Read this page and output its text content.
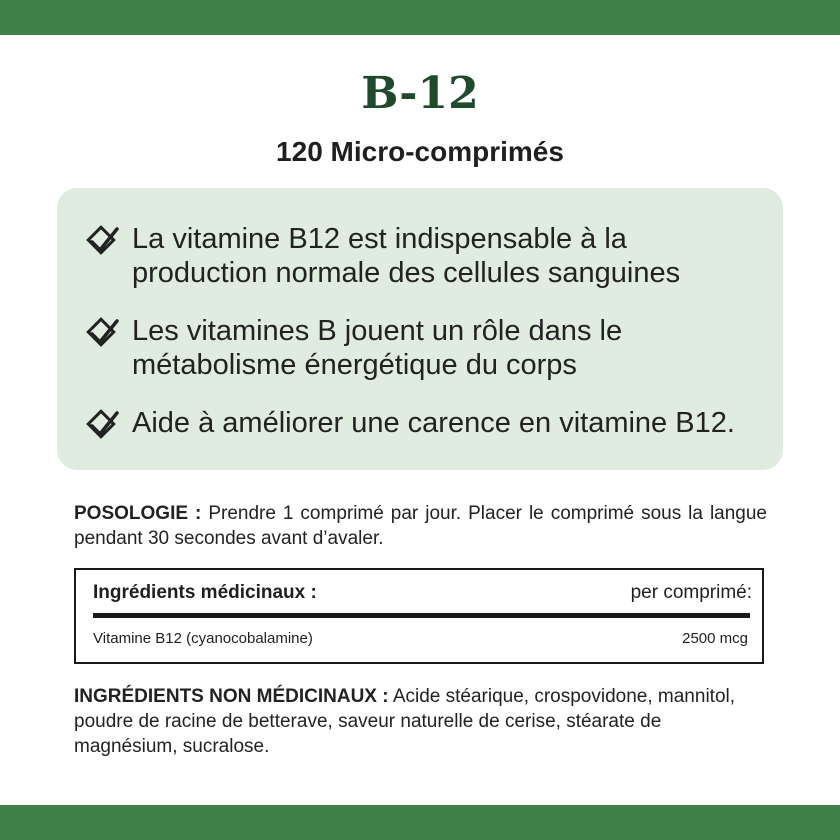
B-12
120 Micro-comprimés
La vitamine B12 est indispensable à la
production normale des cellules sanguines
Les vitamines B jouent un rôle dans le
métabolisme énergétique du corps
Aide à améliorer une carence en vitamine B12.
POSOLOGIE : Prendre 1 comprimé par jour. Placer le comprimé sous la langue pendant 30 secondes avant d’avaler.
Ingrédients médicinaux :	per comprimé:
Vitamine B12 (cyanocobalamine)	2500 mcg
INGRÉDIENTS NON MÉDICINAUX : Acide stéarique, crospovidone, mannitol, poudre de racine de betterave, saveur naturelle de cerise, stéarate de magnésium, sucralose.
